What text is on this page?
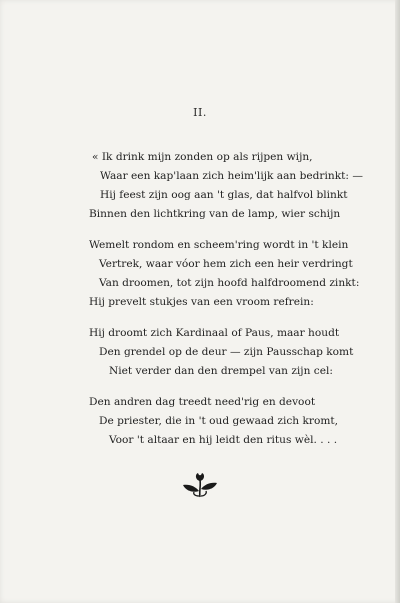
II.
« Ik drink mijn zonden op als rijpen wijn,
Waar een kap'laan zich heim'lijk aan bedrinkt: —
Hij feest zijn oog aan 't glas, dat halfvol blinkt
Binnen den lichtkring van de lamp, wier schijn
Wemelt rondom en scheem'ring wordt in 't klein
Vertrek, waar vóor hem zich een heir verdringt
Van droomen, tot zijn hoofd halfdroomend zinkt:
Hij prevelt stukjes van een vroom refrein:
Hij droomt zich Kardinaal of Paus, maar houdt
Den grendel op de deur — zijn Pausschap komt
Niet verder dan den drempel van zijn cel:
Den andren dag treedt need'rig en devoot
De priester, die in 't oud gewaad zich kromt,
Voor 't altaar en hij leidt den ritus wèl. . . .
